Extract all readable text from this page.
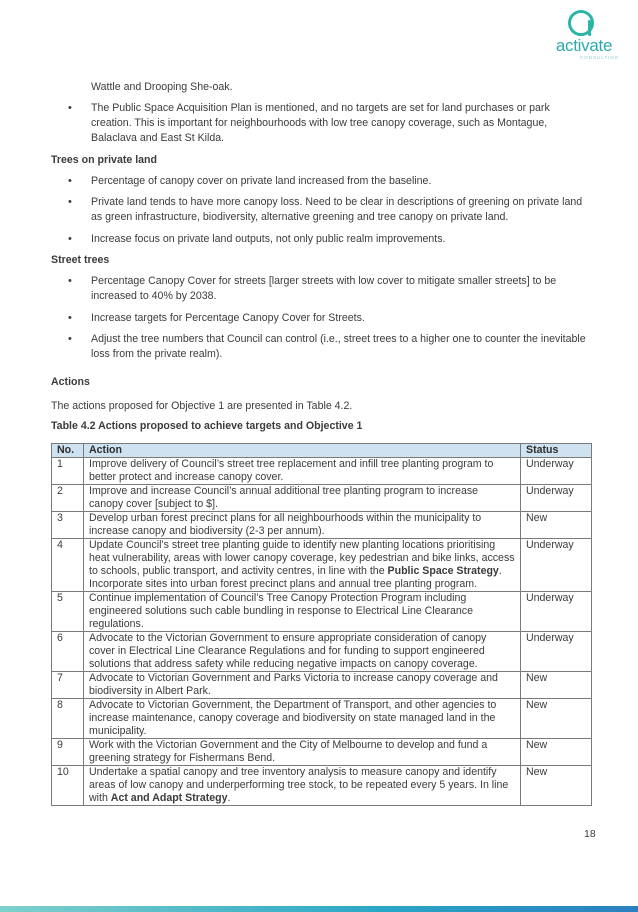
activate
CONSULTING
Wattle and Drooping She-oak.
• The Public Space Acquisition Plan is mentioned, and no targets are set for land purchases or park creation. This is important for neighbourhoods with low tree canopy coverage, such as Montague, Balaclava and East St Kilda.
Trees on private land
• Percentage of canopy cover on private land increased from the baseline.
• Private land tends to have more canopy loss. Need to be clear in descriptions of greening on private land as green infrastructure, biodiversity, alternative greening and tree canopy on private land.
• Increase focus on private land outputs, not only public realm improvements.
Street trees
• Percentage Canopy Cover for streets [larger streets with low cover to mitigate smaller streets] to be increased to 40% by 2038.
• Increase targets for Percentage Canopy Cover for Streets.
• Adjust the tree numbers that Council can control (i.e., street trees to a higher one to counter the inevitable loss from the private realm).
Actions
The actions proposed for Objective 1 are presented in Table 4.2.
Table 4.2 Actions proposed to achieve targets and Objective 1
No.	Action	Status
1	Improve delivery of Council’s street tree replacement and infill tree planting program to better protect and increase canopy cover.	Underway
2	Improve and increase Council’s annual additional tree planting program to increase canopy cover [subject to $].	Underway
3	Develop urban forest precinct plans for all neighbourhoods within the municipality to increase canopy and biodiversity (2-3 per annum).	New
4	Update Council’s street tree planting guide to identify new planting locations prioritising heat vulnerability, areas with lower canopy coverage, key pedestrian and bike links, access to schools, public transport, and activity centres, in line with the Public Space Strategy. Incorporate sites into urban forest precinct plans and annual tree planting program.	Underway
5	Continue implementation of Council’s Tree Canopy Protection Program including engineered solutions such cable bundling in response to Electrical Line Clearance regulations.	Underway
6	Advocate to the Victorian Government to ensure appropriate consideration of canopy cover in Electrical Line Clearance Regulations and for funding to support engineered solutions that address safety while reducing negative impacts on canopy coverage.	Underway
7	Advocate to Victorian Government and Parks Victoria to increase canopy coverage and biodiversity in Albert Park.	New
8	Advocate to Victorian Government, the Department of Transport, and other agencies to increase maintenance, canopy coverage and biodiversity on state managed land in the municipality.	New
9	Work with the Victorian Government and the City of Melbourne to develop and fund a greening strategy for Fishermans Bend.	New
10	Undertake a spatial canopy and tree inventory analysis to measure canopy and identify areas of low canopy and underperforming tree stock, to be repeated every 5 years. In line with Act and Adapt Strategy.	New
18
